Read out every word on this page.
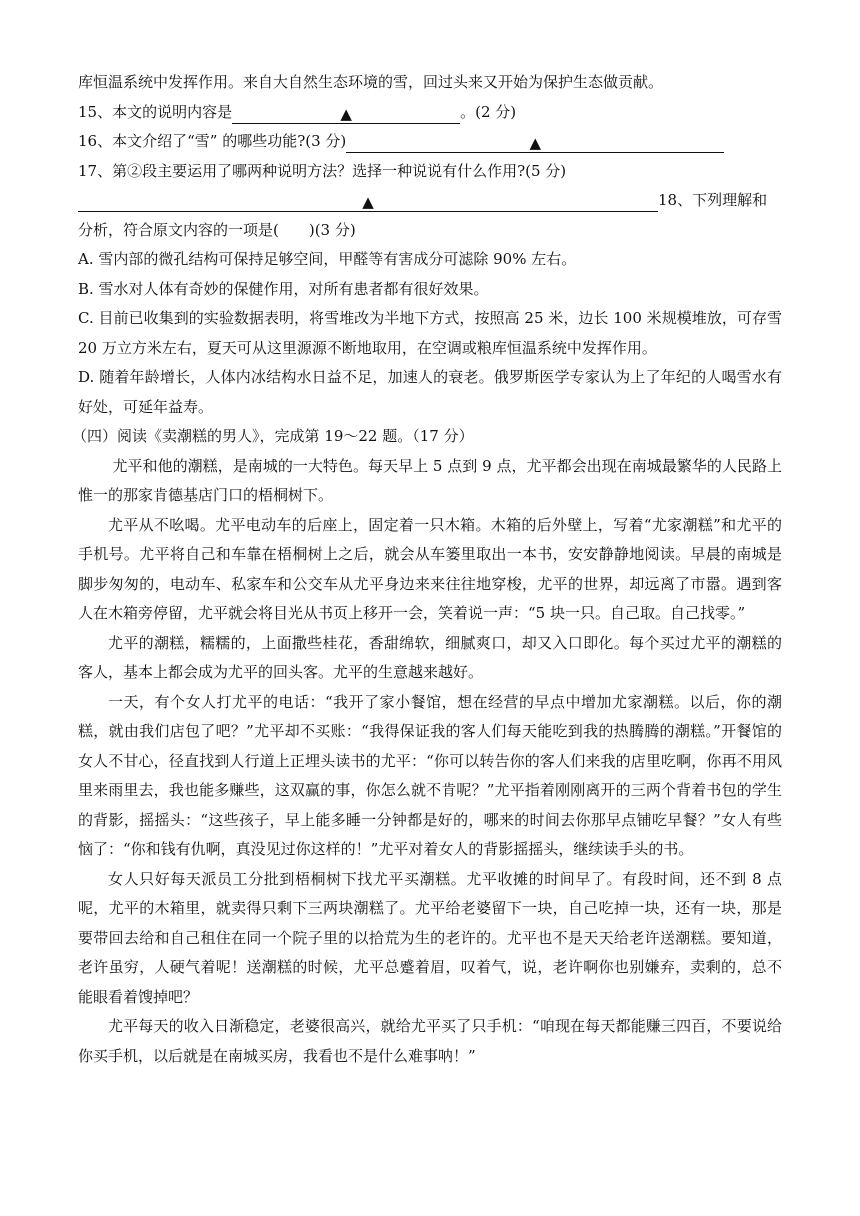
库恒温系统中发挥作用。来自大自然生态环境的雪，回过头来又开始为保护生态做贡献。
15、本文的说明内容是	▲	。(2 分)
16、本文介绍了“雪” 的哪些功能?(3 分)	▲
17、第②段主要运用了哪两种说明方法？选择一种说说有什么作用?(5 分)
▲	18、下列理解和
分析，符合原文内容的一项是(　　)(3 分)
A. 雪内部的微孔结构可保持足够空间，甲醛等有害成分可滤除 90% 左右。
B. 雪水对人体有奇妙的保健作用，对所有患者都有很好效果。
C. 目前已收集到的实验数据表明，将雪堆改为半地下方式，按照高 25 米，边长 100 米规模堆放，可存雪 20 万立方米左右，夏天可从这里源源不断地取用，在空调或粮库恒温系统中发挥作用。
D. 随着年龄增长，人体内冰结构水日益不足，加速人的衰老。俄罗斯医学专家认为上了年纪的人喝雪水有好处，可延年益寿。
（四）阅读《卖潮糕的男人》，完成第 19～22 题。（17 分）
尤平和他的潮糕，是南城的一大特色。每天早上 5 点到 9 点，尤平都会出现在南城最繁华的人民路上惟一的那家肯德基店门口的梧桐树下。
尤平从不吆喝。尤平电动车的后座上，固定着一只木箱。木箱的后外壁上，写着“尤家潮糕”和尤平的手机号。尤平将自己和车靠在梧桐树上之后，就会从车篓里取出一本书，安安静静地阅读。早晨的南城是脚步匆匆的，电动车、私家车和公交车从尤平身边来来往往地穿梭，尤平的世界，却远离了市嚣。遇到客人在木箱旁停留，尤平就会将目光从书页上移开一会，笑着说一声：“5 块一只。自己取。自己找零。”
尤平的潮糕，糯糯的，上面撒些桂花，香甜绵软，细腻爽口，却又入口即化。每个买过尤平的潮糕的客人，基本上都会成为尤平的回头客。尤平的生意越来越好。
一天，有个女人打尤平的电话：“我开了家小餐馆，想在经营的早点中增加尤家潮糕。以后，你的潮糕，就由我们店包了吧？”尤平却不买账：“我得保证我的客人们每天能吃到我的热腾腾的潮糕。”开餐馆的女人不甘心，径直找到人行道上正埋头读书的尤平：“你可以转告你的客人们来我的店里吃啊，你再不用风里来雨里去，我也能多赚些，这双赢的事，你怎么就不肯呢？”尤平指着刚刚离开的三两个背着书包的学生的背影，摇摇头：“这些孩子，早上能多睡一分钟都是好的，哪来的时间去你那早点铺吃早餐？”女人有些恼了：“你和钱有仇啊，真没见过你这样的！”尤平对着女人的背影摇摇头，继续读手头的书。
女人只好每天派员工分批到梧桐树下找尤平买潮糕。尤平收摊的时间早了。有段时间，还不到 8 点呢，尤平的木箱里，就卖得只剩下三两块潮糕了。尤平给老婆留下一块，自己吃掉一块，还有一块，那是要带回去给和自己租住在同一个院子里的以拾荒为生的老许的。尤平也不是天天给老许送潮糕。要知道，老许虽穷，人硬气着呢！送潮糕的时候，尤平总蹙着眉，叹着气，说，老许啊你也别嫌弃，卖剩的，总不能眼看着馊掉吧？
尤平每天的收入日渐稳定，老婆很高兴，就给尤平买了只手机：“咱现在每天都能赚三四百，不要说给你买手机，以后就是在南城买房，我看也不是什么难事呐！”
